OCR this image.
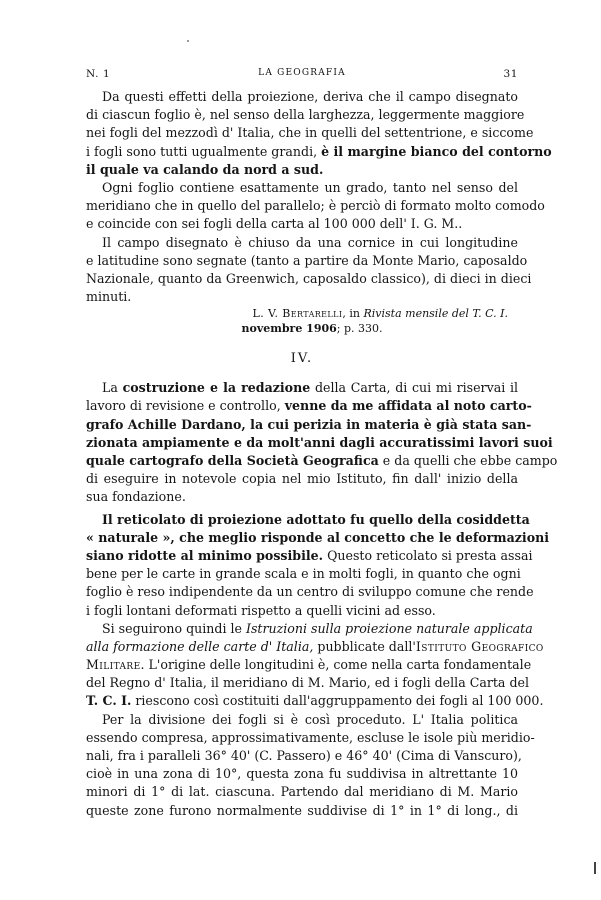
N. 1	LA GEOGRAFIA	31
Da questi effetti della proiezione, deriva che il campo disegnato
di ciascun foglio è, nel senso della larghezza, leggermente maggiore
nei fogli del mezzodì d' Italia, che in quelli del settentrione, e siccome
i fogli sono tutti ugualmente grandi, è il margine bianco del contorno
il quale va calando da nord a sud.
Ogni foglio contiene esattamente un grado, tanto nel senso del
meridiano che in quello del parallelo; è perciò di formato molto comodo
e coincide con sei fogli della carta al 100 000 dell' I. G. M..
Il campo disegnato è chiuso da una cornice in cui longitudine
e latitudine sono segnate (tanto a partire da Monte Mario, caposaldo
Nazionale, quanto da Greenwich, caposaldo classico), di dieci in dieci
minuti.
L. V. Bertarelli, in Rivista mensile del T. C. I.
novembre 1906; p. 330.
IV.
La costruzione e la redazione della Carta, di cui mi riservai il
lavoro di revisione e controllo, venne da me affidata al noto carto-
grafo Achille Dardano, la cui perizia in materia è già stata san-
zionata ampiamente e da molt'anni dagli accuratissimi lavori suoi
quale cartografo della Società Geografica e da quelli che ebbe campo
di eseguire in notevole copia nel mio Istituto, fin dall' inizio della
sua fondazione.
Il reticolato di proiezione adottato fu quello della cosiddetta
« naturale », che meglio risponde al concetto che le deformazioni
siano ridotte al minimo possibile. Questo reticolato si presta assai
bene per le carte in grande scala e in molti fogli, in quanto che ogni
foglio è reso indipendente da un centro di sviluppo comune che rende
i fogli lontani deformati rispetto a quelli vicini ad esso.
Si seguirono quindi le Istruzioni sulla proiezione naturale applicata
alla formazione delle carte d' Italia, pubblicate dall'Istituto Geografico
Militare. L'origine delle longitudini è, come nella carta fondamentale
del Regno d' Italia, il meridiano di M. Mario, ed i fogli della Carta del
T. C. I. riescono così costituiti dall'aggruppamento dei fogli al 100 000.
Per la divisione dei fogli si è così proceduto. L' Italia politica
essendo compresa, approssimativamente, escluse le isole più meridio-
nali, fra i paralleli 36° 40' (C. Passero) e 46° 40' (Cima di Vanscuro),
cioè in una zona di 10°, questa zona fu suddivisa in altrettante 10
minori di 1° di lat. ciascuna. Partendo dal meridiano di M. Mario
queste zone furono normalmente suddivise di 1° in 1° di long., di
